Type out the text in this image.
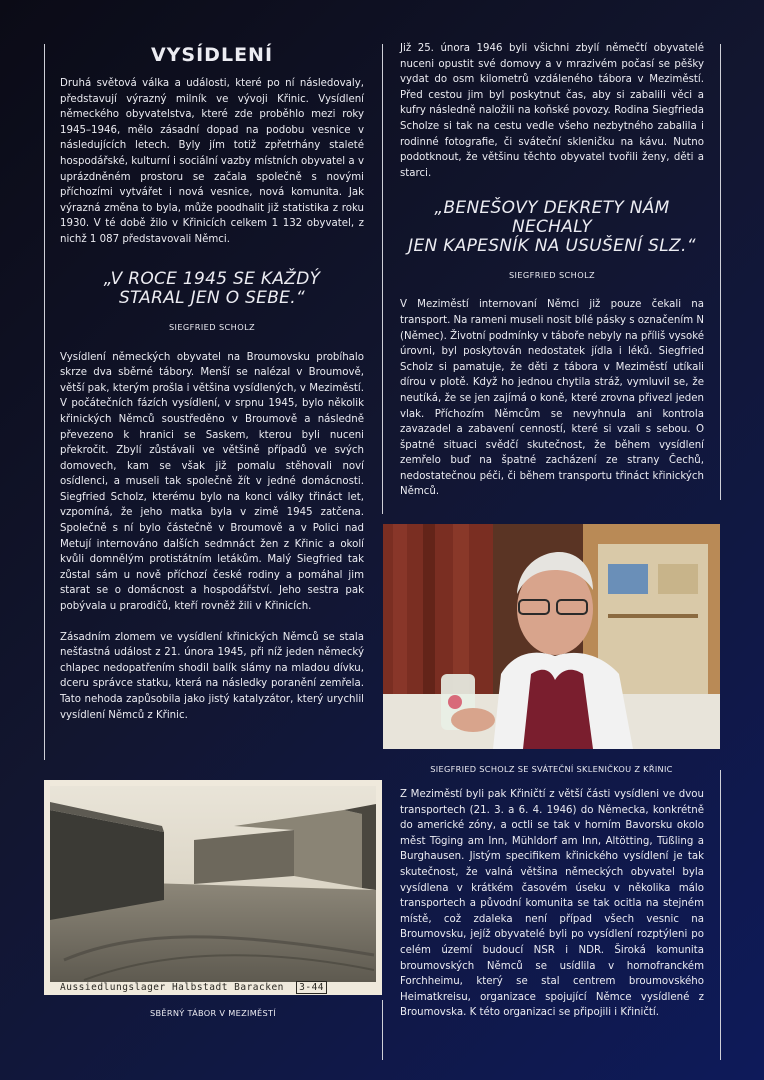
VYSÍDLENÍ

Druhá světová válka a události, které po ní následovaly, představují výrazný milník ve vývoji Křinic. Vysídlení německého obyvatelstva, které zde proběhlo mezi roky 1945–1946, mělo zásadní dopad na podobu vesnice v následujících letech. Byly jím totiž zpřetrhány staleté hospodářské, kulturní i sociální vazby místních obyvatel a v uprázdněném prostoru se začala společně s novými příchozími vytvářet i nová vesnice, nová komunita. Jak výrazná změna to byla, může poodhalit již statistika z roku 1930. V té době žilo v Křinicích celkem 1 132 obyvatel, z nichž 1 087 představovali Němci.

„V ROCE 1945 SE KAŽDÝ

STARAL JEN O SEBE.“

SIEGFRIED SCHOLZ

Vysídlení německých obyvatel na Broumovsku probíhalo skrze dva sběrné tábory. Menší se nalézal v Broumově, větší pak, kterým prošla i většina vysídlených, v Meziměstí. V počátečních fázích vysídlení, v srpnu 1945, bylo několik křinických Němců soustředěno v Broumově a následně převezeno k hranici se Saskem, kterou byli nuceni překročit. Zbylí zůstávali ve většině případů ve svých domovech, kam se však již pomalu stěhovali noví osídlenci, a museli tak společně žít v jedné domácnosti. Siegfried Scholz, kterému bylo na konci války třináct let, vzpomíná, že jeho matka byla v zimě 1945 zatčena. Společně s ní bylo částečně v Broumově a v Polici nad Metují internováno dalších sedmnáct žen z Křinic a okolí kvůli domnělým protistátním letákům. Malý Siegfried tak zůstal sám u nově příchozí české rodiny a pomáhal jim starat se o domácnost a hospodářství. Jeho sestra pak pobývala u prarodičů, kteří rovněž žili v Křinicích.

Zásadním zlomem ve vysídlení křinických Němců se stala nešťastná událost z 21. února 1945, při níž jeden německý chlapec nedopatřením shodil balík slámy na mladou dívku, dceru správce statku, která na následky poranění zemřela. Tato nehoda zapůsobila jako jistý katalyzátor, který urychlil vysídlení Němců z Křinic.

Aussiedlungslager Halbstadt Baracken 3-44

SBĚRNÝ TÁBOR V MEZIMĚSTÍ

Již 25. února 1946 byli všichni zbylí němečtí obyvatelé nuceni opustit své domovy a v mrazivém počasí se pěšky vydat do osm kilometrů vzdáleného tábora v Meziměstí. Před cestou jim byl poskytnut čas, aby si zabalili věci a kufry následně naložili na koňské povozy. Rodina Siegfrieda Scholze si tak na cestu vedle všeho nezbytného zabalila i rodinné fotografie, či sváteční skleničku na kávu. Nutno podotknout, že většinu těchto obyvatel tvořili ženy, děti a starci.

„BENEŠOVY DEKRETY NÁM NECHALY

JEN KAPESNÍK NA USUŠENÍ SLZ.“

SIEGFRIED SCHOLZ

V Meziměstí internovaní Němci již pouze čekali na transport. Na rameni museli nosit bílé pásky s označením N (Němec). Životní podmínky v táboře nebyly na příliš vysoké úrovni, byl poskytován nedostatek jídla i léků. Siegfried Scholz si pamatuje, že děti z tábora v Meziměstí utíkali dírou v plotě. Když ho jednou chytila stráž, vymluvil se, že neutíká, že se jen zajímá o koně, které zrovna přivezl jeden vlak. Příchozím Němcům se nevyhnula ani kontrola zavazadel a zabavení cenností, které si vzali s sebou. O špatné situaci svědčí skutečnost, že během vysídlení zemřelo buď na špatné zacházení ze strany Čechů, nedostatečnou péči, či během transportu třináct křinických Němců.

SIEGFRIED SCHOLZ SE SVÁTEČNÍ SKLENIČKOU Z KŘINIC

Z Meziměstí byli pak Křiničtí z větší části vysídleni ve dvou transportech (21. 3. a 6. 4. 1946) do Německa, konkrétně do americké zóny, a octli se tak v horním Bavorsku okolo měst Töging am Inn, Mühldorf am Inn, Altötting, Tüßling a Burghausen. Jistým specifikem křinického vysídlení je tak skutečnost, že valná většina německých obyvatel byla vysídlena v krátkém časovém úseku v několika málo transportech a původní komunita se tak ocitla na stejném místě, což zdaleka není případ všech vesnic na Broumovsku, jejíž obyvatelé byli po vysídlení rozptýleni po celém území budoucí NSR i NDR. Široká komunita broumovských Němců se usídlila v hornofranckém Forchheimu, který se stal centrem broumovského Heimatkreisu, organizace spojující Němce vysídlené z Broumovska. K této organizaci se připojili i Křiničtí.
